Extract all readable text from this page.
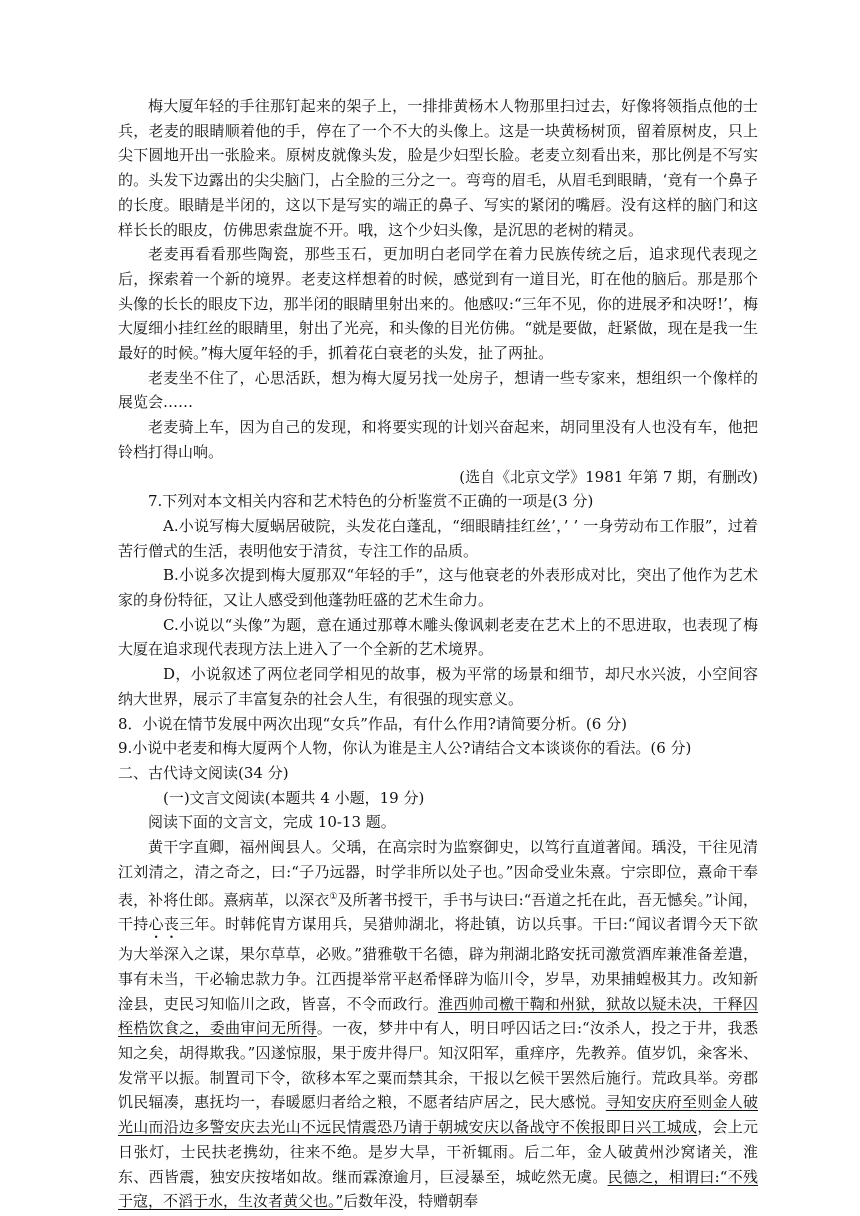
梅大厦年轻的手往那钉起来的架子上，一排排黄杨木人物那里扫过去，好像将领指点他的士兵，老麦的眼睛顺着他的手，停在了一个不大的头像上。这是一块黄杨树顶，留着原树皮，只上尖下圆地开出一张脸来。原树皮就像头发，脸是少妇型长脸。老麦立刻看出来，那比例是不写实的。头发下边露出的尖尖脑门，占全脸的三分之一。弯弯的眉毛，从眉毛到眼睛，‘竟有一个鼻子的长度。眼睛是半闭的，这以下是写实的端正的鼻子、写实的紧闭的嘴唇。没有这样的脑门和这样长长的眼皮，仿佛思索盘旋不开。哦，这个少妇头像，是沉思的老树的精灵。

老麦再看看那些陶瓷，那些玉石，更加明白老同学在着力民族传统之后，追求现代表现之后，探索着一个新的境界。老麦这样想着的时候，感觉到有一道目光，盯在他的脑后。那是那个头像的长长的眼皮下边，那半闭的眼睛里射出来的。他感叹:“三年不见，你的进展矛和决呀!’，梅大厦细小挂红丝的眼睛里，射出了光亮，和头像的目光仿佛。“就是要做，赶紧做，现在是我一生最好的时候。”梅大厦年轻的手，抓着花白衰老的头发，扯了两扯。

老麦坐不住了，心思活跃，想为梅大厦另找一处房子，想请一些专家来，想组织一个像样的展览会……

老麦骑上车，因为自己的发现，和将要实现的计划兴奋起来，胡同里没有人也没有车，他把铃档打得山响。

(选自《北京文学》1981 年第 7 期，有删改)

7.下列对本文相关内容和艺术特色的分析鉴赏不正确的一项是(3 分)

A.小说写梅大厦蜗居破院，头发花白蓬乱，“细眼睛挂红丝’，’ ’ 一身劳动布工作服”，过着苦行僧式的生活，表明他安于清贫，专注工作的品质。

B.小说多次提到梅大厦那双“年轻的手”，这与他衰老的外表形成对比，突出了他作为艺术家的身份特征，又让人感受到他蓬勃旺盛的艺术生命力。

C.小说以“头像”为题，意在通过那尊木雕头像讽刺老麦在艺术上的不思进取，也表现了梅大厦在追求现代表现方法上进入了一个全新的艺术境界。

D，小说叙述了两位老同学相见的故事，极为平常的场景和细节，却尺水兴波，小空间容纳大世界，展示了丰富复杂的社会人生，有很强的现实意义。

8．小说在情节发展中两次出现“女兵”作品，有什么作用?请简要分析。(6 分)

9.小说中老麦和梅大厦两个人物，你认为谁是主人公?请结合文本谈谈你的看法。(6 分)

二、古代诗文阅读(34 分)

(一)文言文阅读(本题共 4 小题，19 分)

阅读下面的文言文，完成 10-13 题。

黄干字直卿，福州闽县人。父瑀，在高宗时为监察御史，以笃行直道著闻。瑀没，干往见清江刘清之，清之奇之，曰:“子乃远器，时学非所以处子也。”因命受业朱熹。宁宗即位，熹命干奉表，补将仕郎。熹病革，以深衣①及所著书授干，手书与诀曰:“吾道之托在此，吾无憾矣。”讣闻，干持心丧三年。时韩侂胄方谋用兵，吴猎帅湖北，将赴镇，访以兵事。干曰:“闻议者谓今天下欲为大举深入之谋，果尔草草，必败。”猎雅敬干名德，辟为荆湖北路安抚司激赏酒库兼准备差遣，事有未当，干必输忠款力争。江西提举常平赵希怿辟为临川令，岁旱，劝果捕蝗极其力。改知新淦县，吏民习知临川之政，皆喜，不令而政行。淮西帅司檄干鞫和州狱，狱故以疑未决，干释囚桎梏饮食之，委曲审问无所得。一夜，梦井中有人，明日呼囚话之曰:“汝杀人，投之于井，我悉知之矣，胡得欺我。”囚遂惊服，果于废井得尸。知汉阳军，重痒序，先教养。值岁饥，籴客米、发常平以振。制置司下令，欲移本军之粟而禁其余，干报以乞候干罢然后施行。荒政具举。旁郡饥民辐凑，惠抚均一，春暖愿归者给之粮，不愿者结庐居之，民大感悦。寻知安庆府至则金人破光山而沿边多警安庆去光山不远民情震恐乃请于朝城安庆以备战守不俟报即日兴工城成，会上元日张灯，士民扶老携幼，往来不绝。是岁大旱，干祈辄雨。后二年，金人破黄州沙窝诸关，淮东、西皆震，独安庆按堵如故。继而霖潦逾月，巨浸暴至，城屹然无虞。民德之，相谓曰:“不残于寇，不滔于水，生汝者黄父也。”后数年没，特赠朝奉
